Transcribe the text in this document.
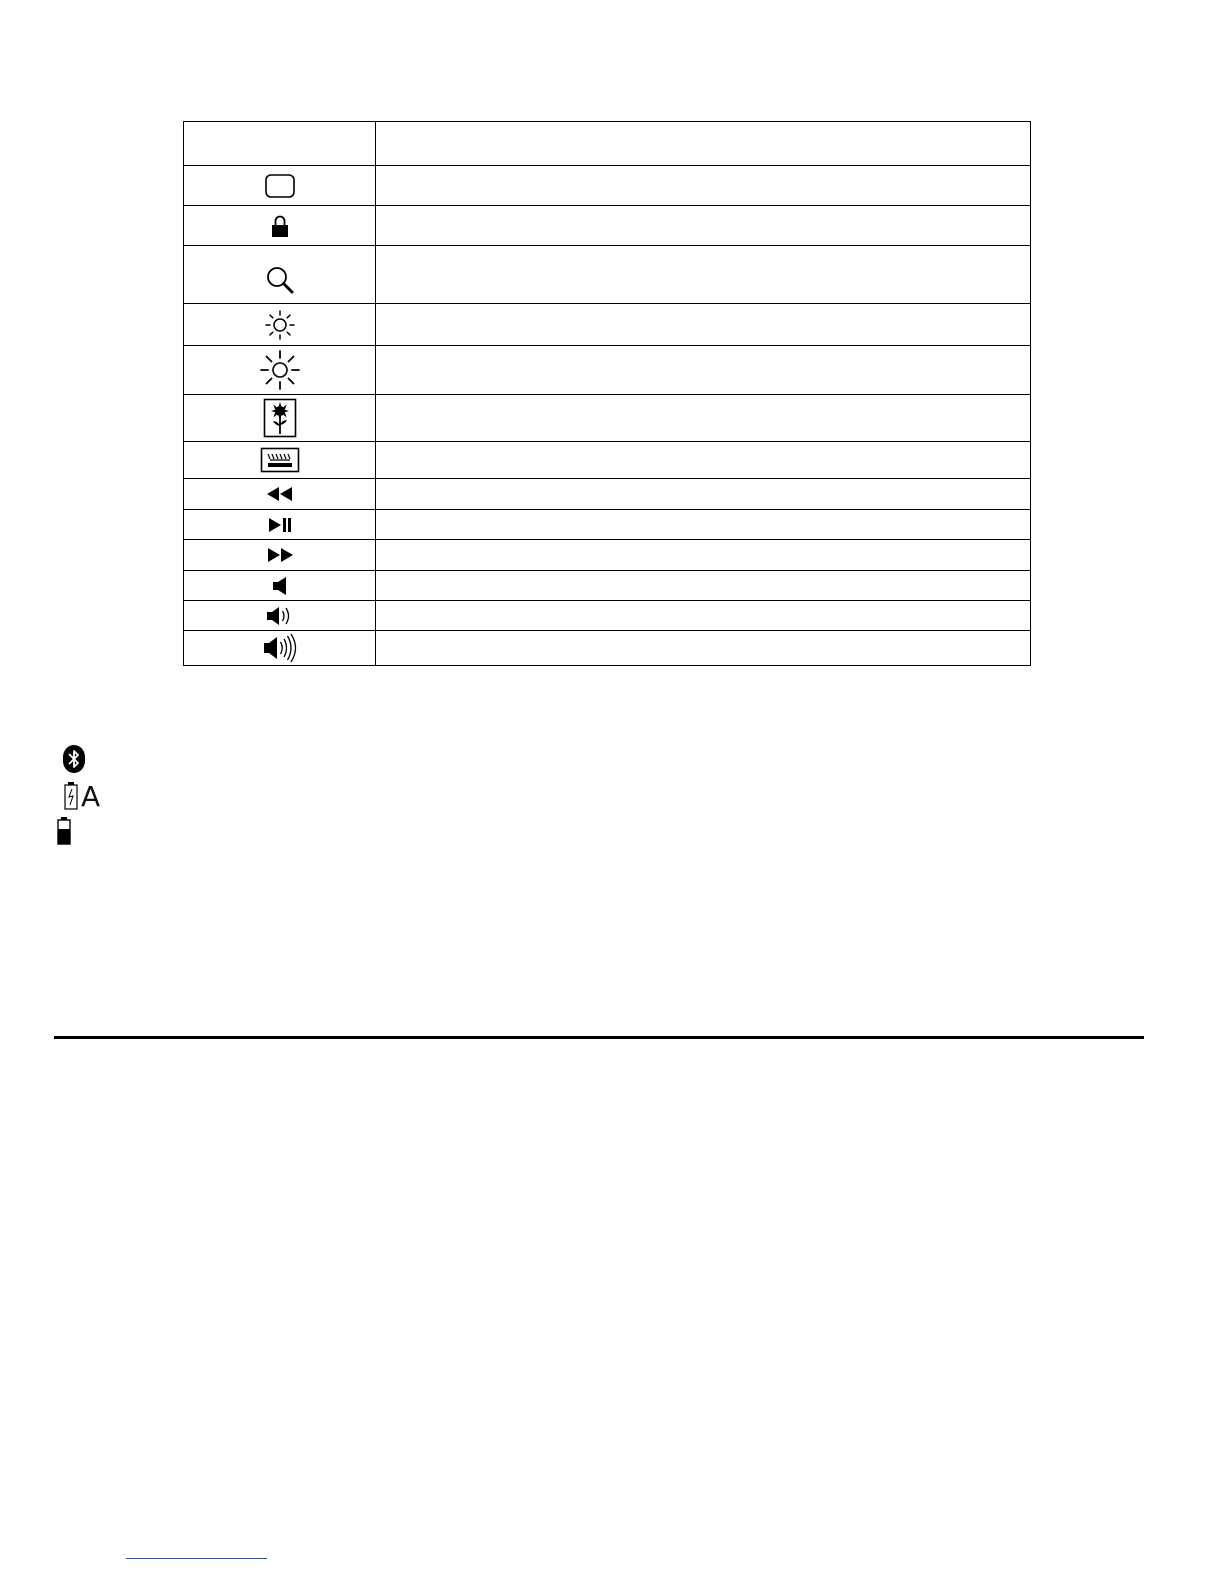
A
